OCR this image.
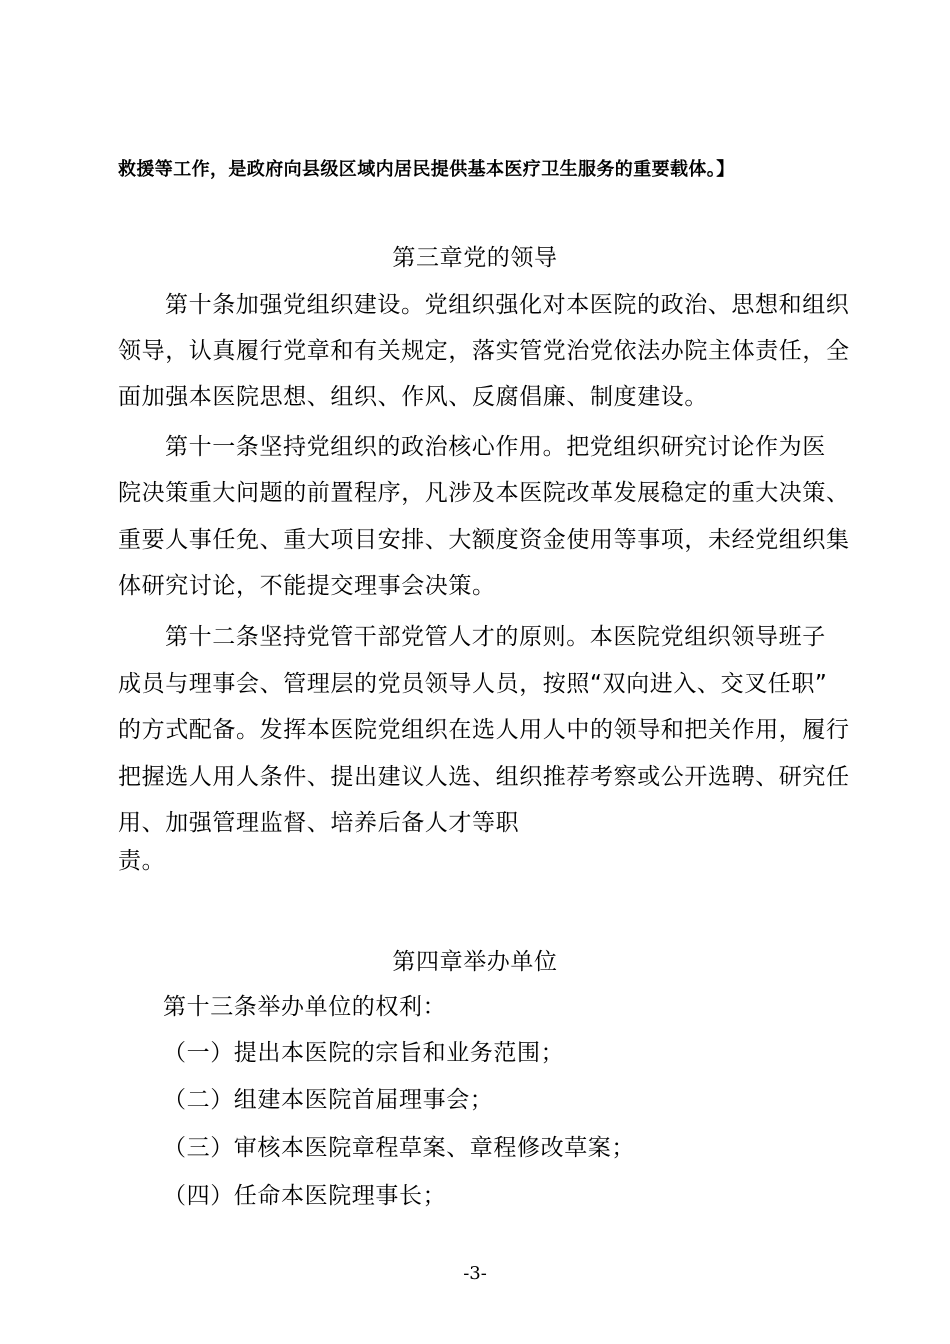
救援等工作，是政府向县级区域内居民提供基本医疗卫生服务的重要载体。】
第三章党的领导
第十条加强党组织建设。党组织强化对本医院的政治、思想和组织
领导，认真履行党章和有关规定，落实管党治党依法办院主体责任，全
面加强本医院思想、组织、作风、反腐倡廉、制度建设。
第十一条坚持党组织的政治核心作用。把党组织研究讨论作为医
院决策重大问题的前置程序，凡涉及本医院改革发展稳定的重大决策、
重要人事任免、重大项目安排、大额度资金使用等事项，未经党组织集
体研究讨论，不能提交理事会决策。
第十二条坚持党管干部党管人才的原则。本医院党组织领导班子
成员与理事会、管理层的党员领导人员，按照“双向进入、交叉任职”
的方式配备。发挥本医院党组织在选人用人中的领导和把关作用，履行
把握选人用人条件、提出建议人选、组织推荐考察或公开选聘、研究任
用、加强管理监督、培养后备人才等职
责。
第四章举办单位
第十三条举办单位的权利：
（一）提出本医院的宗旨和业务范围；
（二）组建本医院首届理事会；
（三）审核本医院章程草案、章程修改草案；
（四）任命本医院理事长；
-3-
